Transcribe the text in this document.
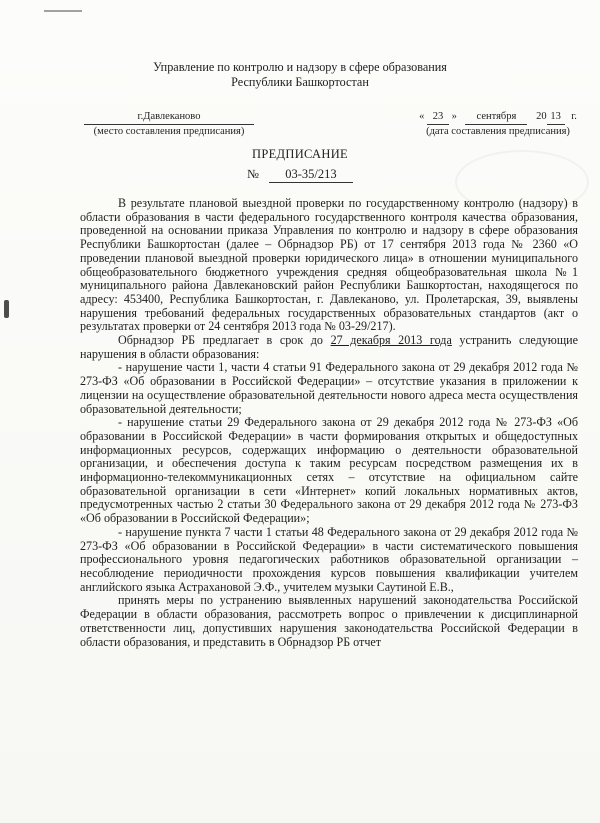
Управление по контролю и надзору в сфере образования
Республики Башкортостан
г.Давлеканово
(место составления предписания)
« 23 » сентября 20 13 г.
(дата составления предписания)
ПРЕДПИСАНИЕ
№ 03-35/213

В результате плановой выездной проверки по государственному контролю (надзору) в области образования в части федерального государственного контроля качества образования, проведенной на основании приказа Управления по контролю и надзору в сфере образования Республики Башкортостан (далее – Обрнадзор РБ) от 17 сентября 2013 года № 2360 «О проведении плановой выездной проверки юридического лица» в отношении муниципального общеобразовательного бюджетного учреждения средняя общеобразовательная школа №1 муниципального района Давлекановский район Республики Башкортостан, находящегося по адресу: 453400, Республика Башкортостан, г. Давлеканово, ул. Пролетарская, 39, выявлены нарушения требований федеральных государственных образовательных стандартов (акт о результатах проверки от 24 сентября 2013 года № 03-29/217).

Обрнадзор РБ предлагает в срок до 27 декабря 2013 года устранить следующие нарушения в области образования:

- нарушение части 1, части 4 статьи 91 Федерального закона от 29 декабря 2012 года № 273-ФЗ «Об образовании в Российской Федерации» – отсутствие указания в приложении к лицензии на осуществление образовательной деятельности нового адреса места осуществления образовательной деятельности;

- нарушение статьи 29 Федерального закона от 29 декабря 2012 года № 273-ФЗ «Об образовании в Российской Федерации» в части формирования открытых и общедоступных информационных ресурсов, содержащих информацию о деятельности образовательной организации, и обеспечения доступа к таким ресурсам посредством размещения их в информационно-телекоммуникационных сетях – отсутствие на официальном сайте образовательной организации в сети «Интернет» копий локальных нормативных актов, предусмотренных частью 2 статьи 30 Федерального закона от 29 декабря 2012 года № 273-ФЗ «Об образовании в Российской Федерации»;

- нарушение пункта 7 части 1 статьи 48 Федерального закона от 29 декабря 2012 года № 273-ФЗ «Об образовании в Российской Федерации» в части систематического повышения профессионального уровня педагогических работников образовательной организации – несоблюдение периодичности прохождения курсов повышения квалификации учителем английского языка Астрахановой Э.Ф., учителем музыки Саутиной Е.В.,

принять меры по устранению выявленных нарушений законодательства Российской Федерации в области образования, рассмотреть вопрос о привлечении к дисциплинарной ответственности лиц, допустивших нарушения законодательства Российской Федерации в области образования, и представить в Обрнадзор РБ отчет
